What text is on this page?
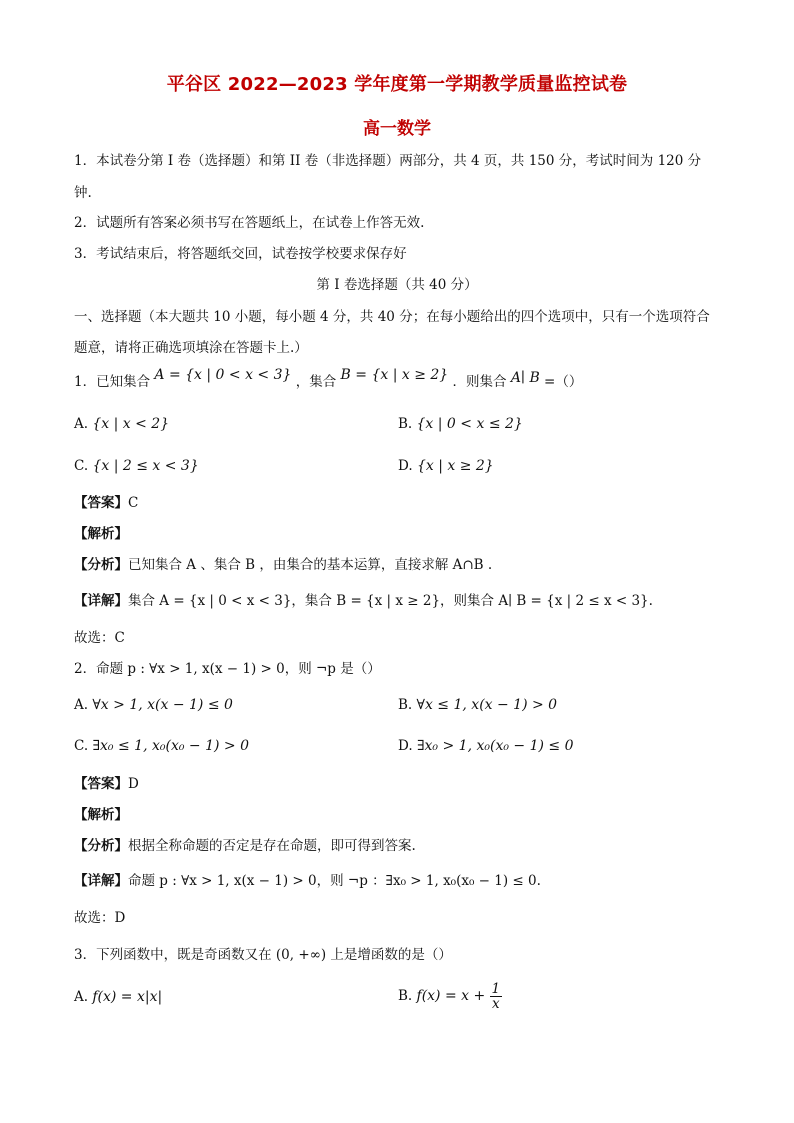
平谷区 2022—2023 学年度第一学期教学质量监控试卷
高一数学
1．本试卷分第 I 卷（选择题）和第 II 卷（非选择题）两部分，共 4 页，共 150 分，考试时间为 120 分
钟.
2．试题所有答案必须书写在答题纸上，在试卷上作答无效.
3．考试结束后，将答题纸交回，试卷按学校要求保存好
第 I 卷选择题（共 40 分）
一、选择题（本大题共 10 小题，每小题 4 分，共 40 分；在每小题给出的四个选项中，只有一个选项符合
题意，请将正确选项填涂在答题卡上.）
1．已知集合 A = {x | 0 < x < 3} ，集合 B = {x | x ≥ 2} ．则集合 A∣ B =（）
A. {x | x < 2}	B. {x | 0 < x ≤ 2}
C. {x | 2 ≤ x < 3}	D. {x | x ≥ 2}
【答案】C
【解析】
【分析】已知集合 A 、集合 B ，由集合的基本运算，直接求解 A∩B .
【详解】集合 A = {x | 0 < x < 3}，集合 B = {x | x ≥ 2}，则集合 A∣ B = {x | 2 ≤ x < 3}.
故选：C
2．命题 p : ∀x > 1, x(x − 1) > 0，则 ¬p 是（）
A. ∀x > 1, x(x − 1) ≤ 0	B. ∀x ≤ 1, x(x − 1) > 0
C. ∃x₀ ≤ 1, x₀(x₀ − 1) > 0	D. ∃x₀ > 1, x₀(x₀ − 1) ≤ 0
【答案】D
【解析】
【分析】根据全称命题的否定是存在命题，即可得到答案.
【详解】命题 p : ∀x > 1, x(x − 1) > 0，则 ¬p ：∃x₀ > 1, x₀(x₀ − 1) ≤ 0.
故选：D
3．下列函数中，既是奇函数又在 (0, +∞) 上是增函数的是（）
A. f(x) = x|x|	B. $f(x) = x + \frac{1}{x}$
